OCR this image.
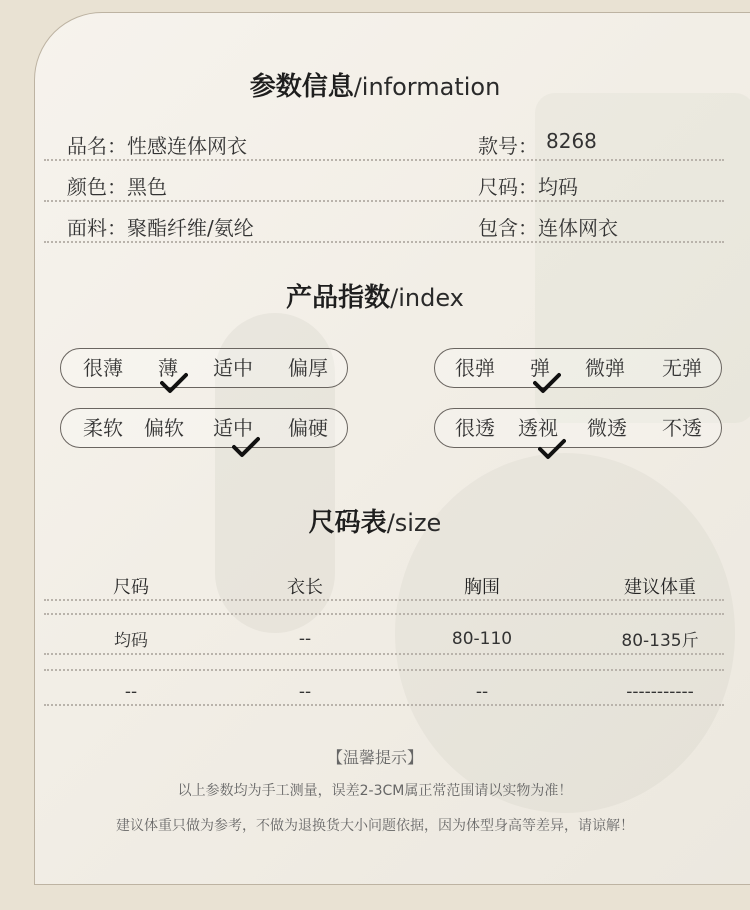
参数信息/information
品名：性感连体网衣	款号： 8268
颜色：黑色	尺码：均码
面料：聚酯纤维/氨纶	包含：连体网衣
产品指数/index
很薄 薄 适中 偏厚	很弹 弹 微弹 无弹
柔软 偏软 适中 偏硬	很透 透视 微透 不透
尺码表/size
尺码	衣长	胸围	建议体重
均码	--	80-110	80-135斤
--	--	--	-----------
【温馨提示】
以上参数均为手工测量，误差2-3CM属正常范围请以实物为准！
建议体重只做为参考，不做为退换货大小问题依据，因为体型身高等差异，请谅解！
